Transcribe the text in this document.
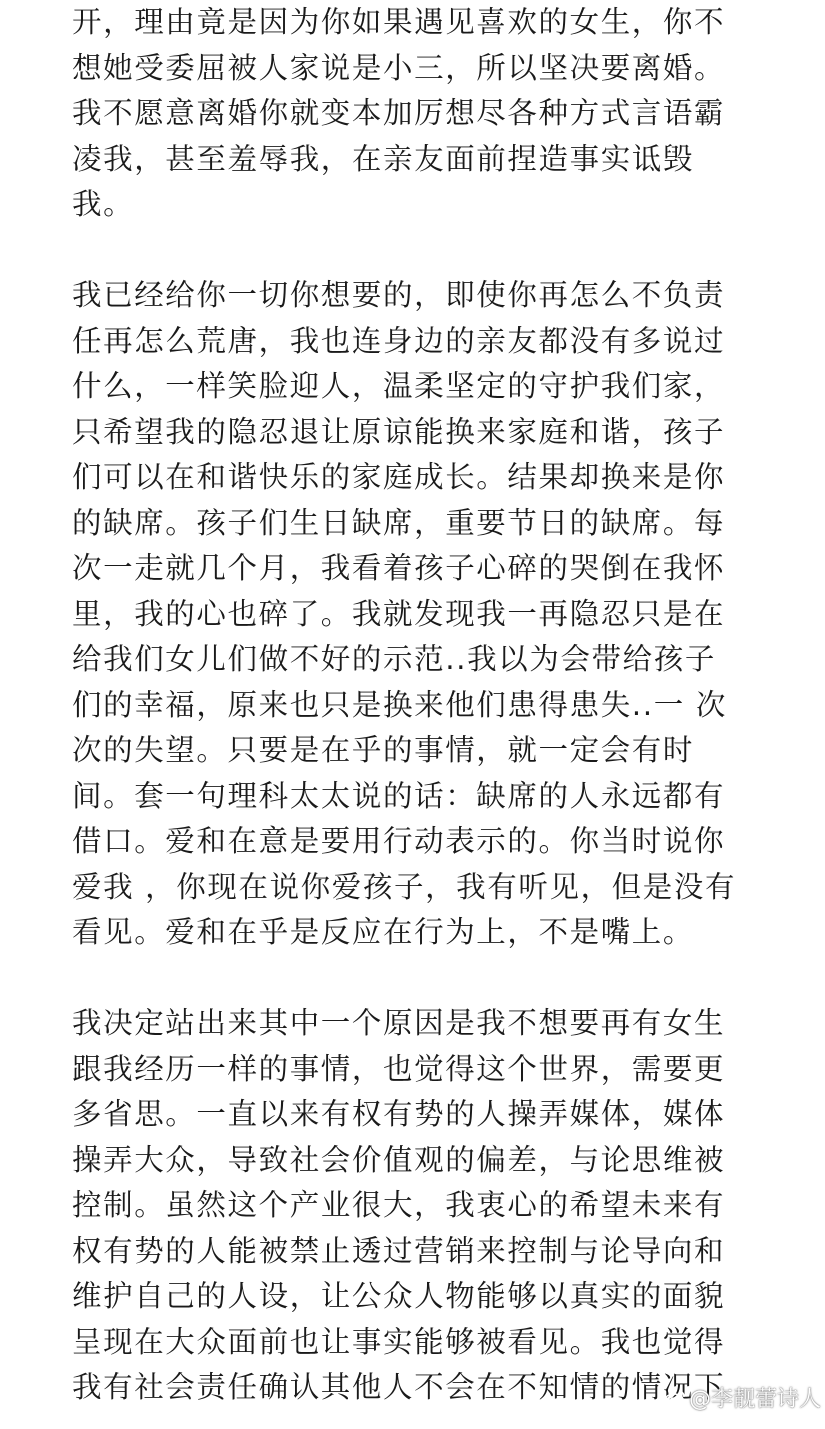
开，理由竟是因为你如果遇见喜欢的女生，你不
想她受委屈被人家说是小三，所以坚决要离婚。
我不愿意离婚你就变本加厉想尽各种方式言语霸
凌我，甚至羞辱我，在亲友面前捏造事实诋毁
我。
我已经给你一切你想要的，即使你再怎么不负责
任再怎么荒唐，我也连身边的亲友都没有多说过
什么，一样笑脸迎人，温柔坚定的守护我们家，
只希望我的隐忍退让原谅能换来家庭和谐，孩子
们可以在和谐快乐的家庭成长。结果却换来是你
的缺席。孩子们生日缺席，重要节日的缺席。每
次一走就几个月，我看着孩子心碎的哭倒在我怀
里，我的心也碎了。我就发现我一再隐忍只是在
给我们女儿们做不好的示范..我以为会带给孩子
们的幸福，原来也只是换来他们患得患失..一 次
次的失望。只要是在乎的事情，就一定会有时
间。套一句理科太太说的话：缺席的人永远都有
借口。爱和在意是要用行动表示的。你当时说你
爱我 ，你现在说你爱孩子，我有听见，但是没有
看见。爱和在乎是反应在行为上，不是嘴上。
我决定站出来其中一个原因是我不想要再有女生
跟我经历一样的事情，也觉得这个世界，需要更
多省思。一直以来有权有势的人操弄媒体，媒体
操弄大众，导致社会价值观的偏差，与论思维被
控制。虽然这个产业很大，我衷心的希望未来有
权有势的人能被禁止透过营销来控制与论导向和
维护自己的人设，让公众人物能够以真实的面貌
呈现在大众面前也让事实能够被看见。我也觉得
我有社会责任确认其他人不会在不知情的情况下
@李靓蕾诗人
